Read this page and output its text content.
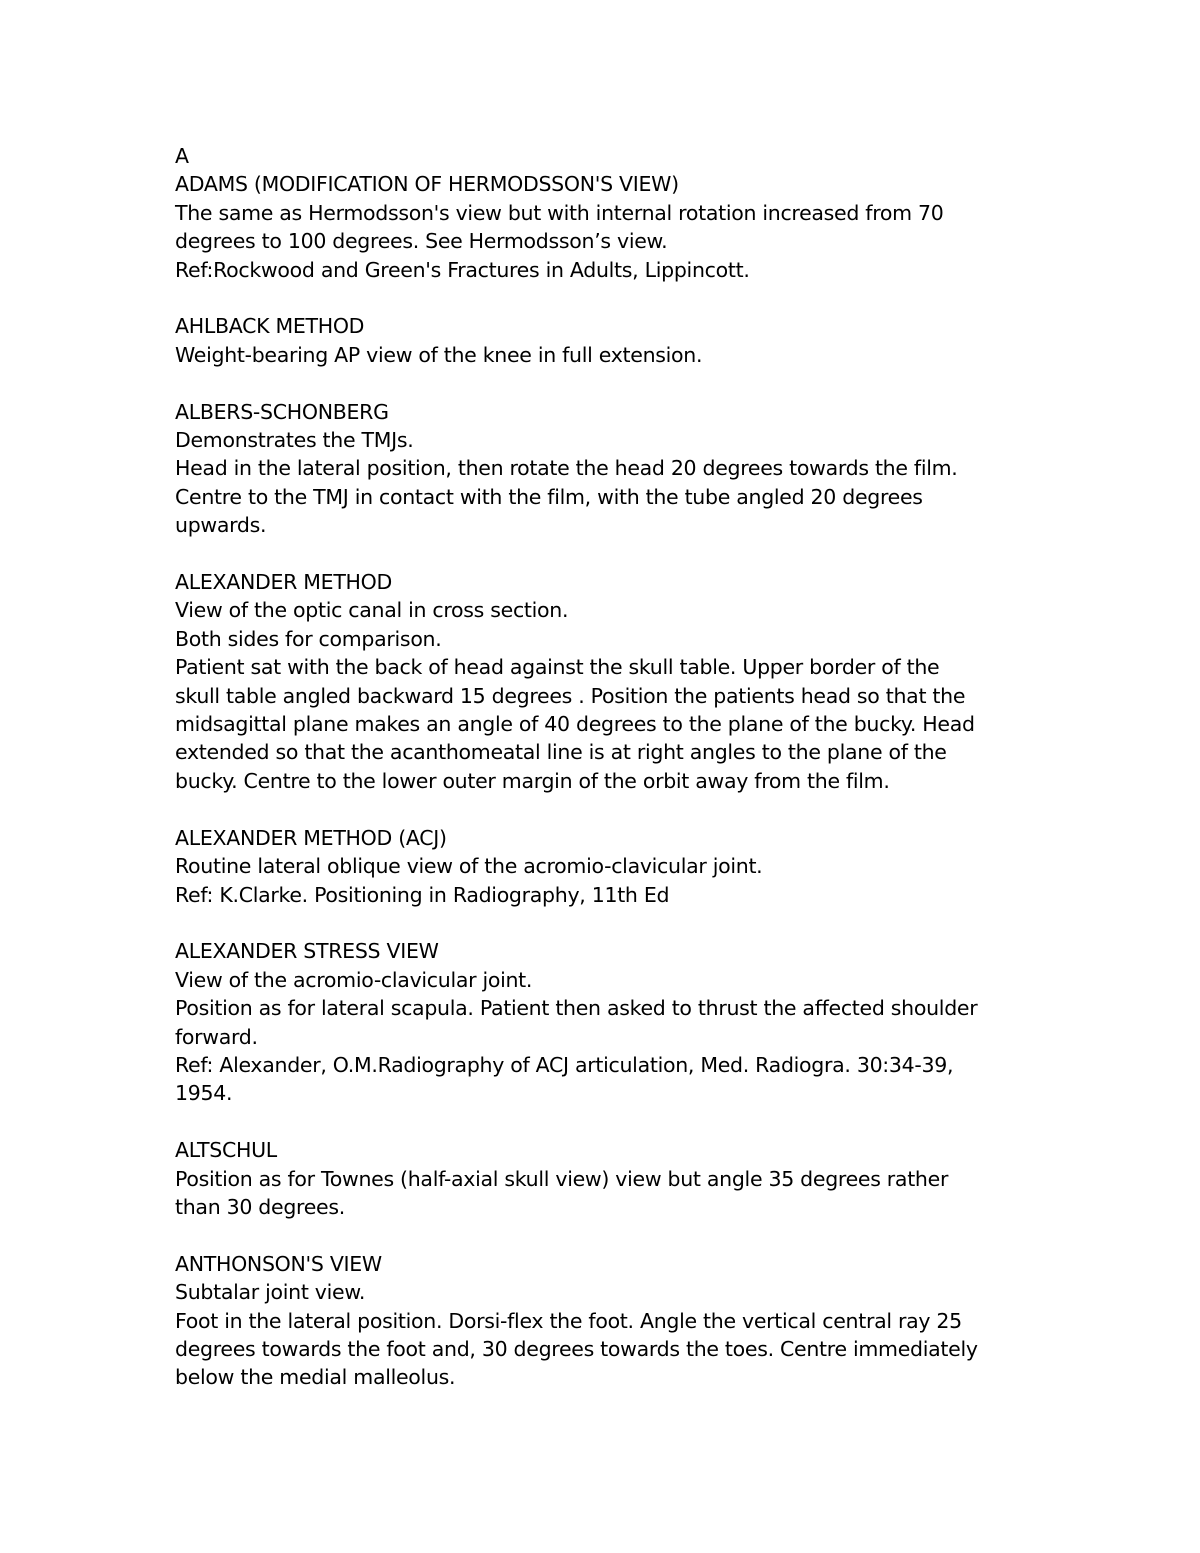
A
ADAMS (MODIFICATION OF HERMODSSON'S VIEW)
The same as Hermodsson's view but with internal rotation increased from 70
degrees to 100 degrees. See Hermodsson’s view.
Ref:Rockwood and Green's Fractures in Adults, Lippincott.
AHLBACK METHOD
Weight-bearing AP view of the knee in full extension.
ALBERS-SCHONBERG
Demonstrates the TMJs.
Head in the lateral position, then rotate the head 20 degrees towards the film.
Centre to the TMJ in contact with the film, with the tube angled 20 degrees
upwards.
ALEXANDER METHOD
View of the optic canal in cross section.
Both sides for comparison.
Patient sat with the back of head against the skull table. Upper border of the
skull table angled backward 15 degrees . Position the patients head so that the
midsagittal plane makes an angle of 40 degrees to the plane of the bucky. Head
extended so that the acanthomeatal line is at right angles to the plane of the
bucky. Centre to the lower outer margin of the orbit away from the film.
ALEXANDER METHOD (ACJ)
Routine lateral oblique view of the acromio-clavicular joint.
Ref: K.Clarke. Positioning in Radiography, 11th Ed
ALEXANDER STRESS VIEW
View of the acromio-clavicular joint.
Position as for lateral scapula. Patient then asked to thrust the affected shoulder
forward.
Ref: Alexander, O.M.Radiography of ACJ articulation, Med. Radiogra. 30:34-39,
1954.
ALTSCHUL
Position as for Townes (half-axial skull view) view but angle 35 degrees rather
than 30 degrees.
ANTHONSON'S VIEW
Subtalar joint view.
Foot in the lateral position. Dorsi-flex the foot. Angle the vertical central ray 25
degrees towards the foot and, 30 degrees towards the toes. Centre immediately
below the medial malleolus.
